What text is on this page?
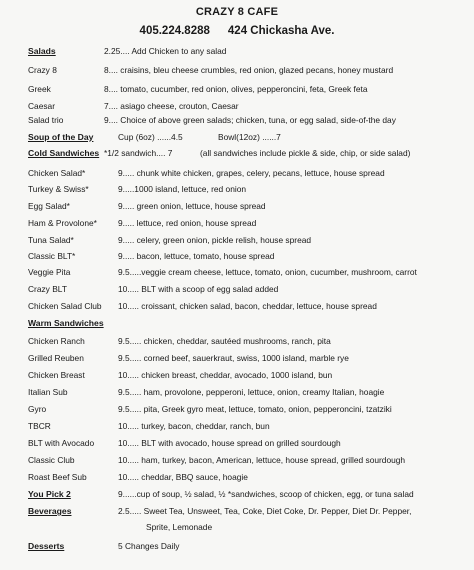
CRAZY 8 CAFE
405.224.8288 424 Chickasha Ave.
Salads	2.25.... Add Chicken to any salad
Crazy 8	8.... craisins, bleu cheese crumbles, red onion, glazed pecans, honey mustard
Greek	8.... tomato, cucumber, red onion, olives, pepperoncini, feta, Greek feta
Caesar	7.... asiago cheese, crouton, Caesar
Salad trio	9.... Choice of above green salads; chicken, tuna, or egg salad, side-of-the day
Soup of the Day	Cup (6oz) ......4.5	Bowl(12oz) ......7
Cold Sandwiches *1/2 sandwich.... 7	(all sandwiches include pickle & side, chip, or side salad)
Chicken Salad*	9..... chunk white chicken, grapes, celery, pecans, lettuce, house spread
Turkey & Swiss*	9.....1000 island, lettuce, red onion
Egg Salad*	9..... green onion, lettuce, house spread
Ham & Provolone*	9..... lettuce, red onion, house spread
Tuna Salad*	9..... celery, green onion, pickle relish, house spread
Classic BLT*	9..... bacon, lettuce, tomato, house spread
Veggie Pita	9.5.....veggie cream cheese, lettuce, tomato, onion, cucumber, mushroom, carrot
Crazy BLT	10..... BLT with a scoop of egg salad added
Chicken Salad Club 10..... croissant, chicken salad, bacon, cheddar, lettuce, house spread
Warm Sandwiches
Chicken Ranch	9.5..... chicken, cheddar, sautéed mushrooms, ranch, pita
Grilled Reuben	9.5..... corned beef, sauerkraut, swiss, 1000 island, marble rye
Chicken Breast	10..... chicken breast, cheddar, avocado, 1000 island, bun
Italian Sub	9.5..... ham, provolone, pepperoni, lettuce, onion, creamy Italian, hoagie
Gyro	9.5..... pita, Greek gyro meat, lettuce, tomato, onion, pepperoncini, tzatziki
TBCR	10..... turkey, bacon, cheddar, ranch, bun
BLT with Avocado	10..... BLT with avocado, house spread on grilled sourdough
Classic Club	10..... ham, turkey, bacon, American, lettuce, house spread, grilled sourdough
Roast Beef Sub	10..... cheddar, BBQ sauce, hoagie
You Pick 2	9......cup of soup, ½ salad, ½ *sandwiches, scoop of chicken, egg, or tuna salad
Beverages	2.5..... Sweet Tea, Unsweet, Tea, Coke, Diet Coke, Dr. Pepper, Diet Dr. Pepper,
Sprite, Lemonade
Desserts	5 Changes Daily
